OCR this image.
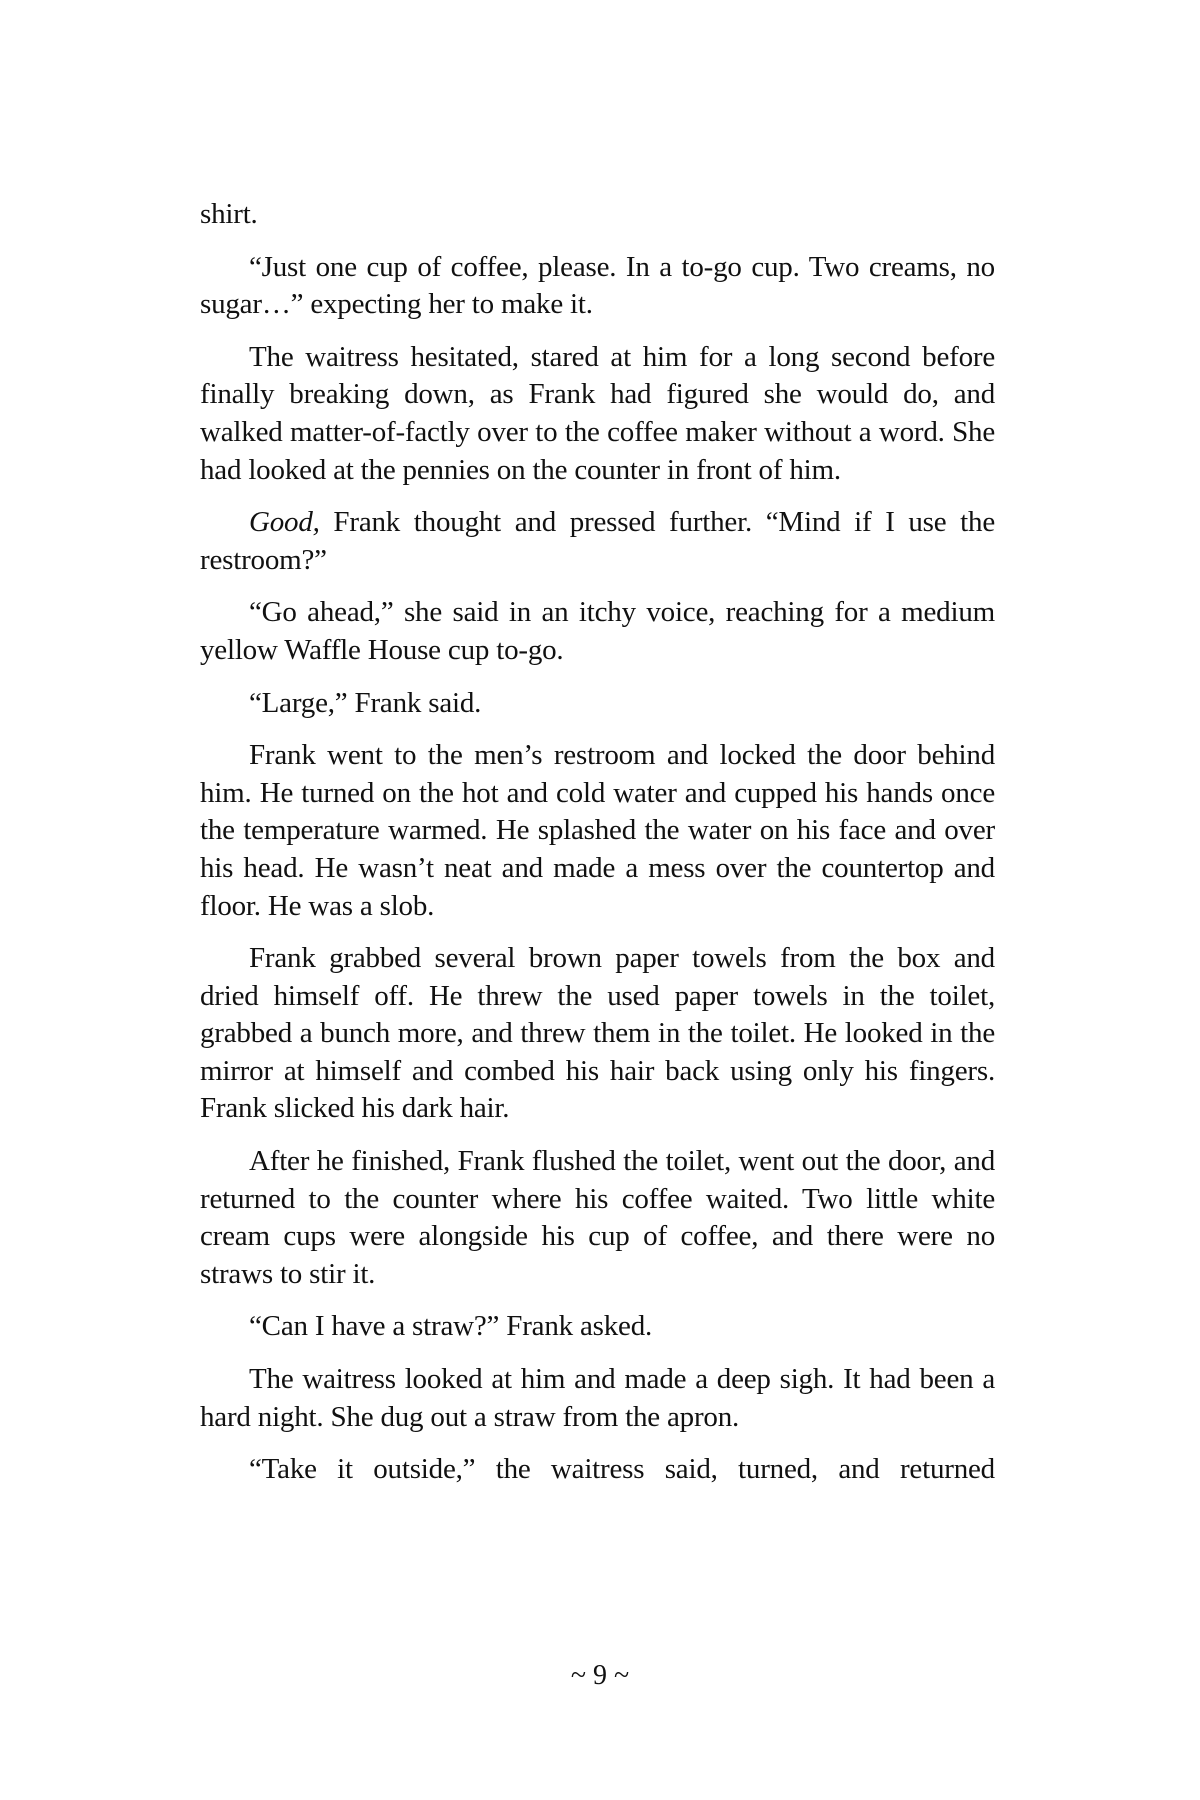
shirt.

“Just one cup of coffee, please. In a to-go cup. Two creams, no sugar…” expecting her to make it.

The waitress hesitated, stared at him for a long second before finally breaking down, as Frank had figured she would do, and walked matter-of-factly over to the coffee maker without a word. She had looked at the pennies on the counter in front of him.

Good, Frank thought and pressed further. “Mind if I use the restroom?”

“Go ahead,” she said in an itchy voice, reaching for a medium yellow Waffle House cup to-go.

“Large,” Frank said.

Frank went to the men’s restroom and locked the door behind him. He turned on the hot and cold water and cupped his hands once the temperature warmed. He splashed the water on his face and over his head. He wasn’t neat and made a mess over the countertop and floor. He was a slob.

Frank grabbed several brown paper towels from the box and dried himself off. He threw the used paper towels in the toilet, grabbed a bunch more, and threw them in the toilet. He looked in the mirror at himself and combed his hair back using only his fingers. Frank slicked his dark hair.

After he finished, Frank flushed the toilet, went out the door, and returned to the counter where his coffee waited. Two little white cream cups were alongside his cup of coffee, and there were no straws to stir it.

“Can I have a straw?” Frank asked.

The waitress looked at him and made a deep sigh. It had been a hard night. She dug out a straw from the apron.

“Take it outside,” the waitress said, turned, and returned

~ 9 ~
